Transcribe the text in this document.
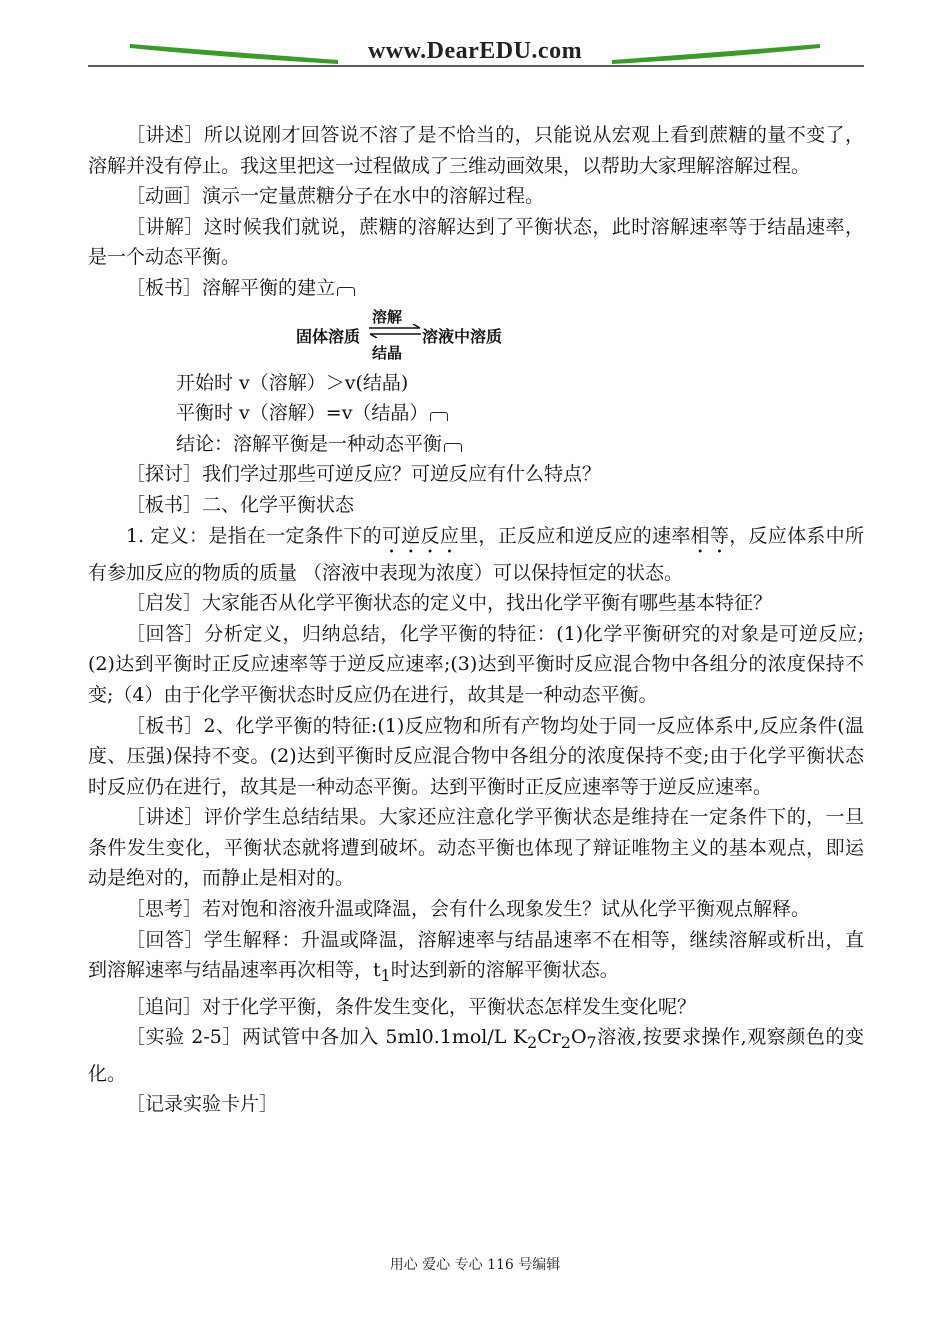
www.DearEDU.com

［讲述］所以说刚才回答说不溶了是不恰当的，只能说从宏观上看到蔗糖的量不变了，溶解并没有停止。我这里把这一过程做成了三维动画效果，以帮助大家理解溶解过程。

［动画］演示一定量蔗糖分子在水中的溶解过程。

［讲解］这时候我们就说，蔗糖的溶解达到了平衡状态，此时溶解速率等于结晶速率，是一个动态平衡。

［板书］溶解平衡的建立

固体溶质
溶解
结晶
溶液中溶质

开始时 v（溶解）＞v(结晶)

平衡时 v（溶解）=v（结晶）

结论：溶解平衡是一种动态平衡

［探讨］我们学过那些可逆反应？可逆反应有什么特点？

［板书］二、化学平衡状态

1. 定义：是指在一定条件下的可逆反应里，正反应和逆反应的速率相等，反应体系中所有参加反应的物质的质量 （溶液中表现为浓度）可以保持恒定的状态。

［启发］大家能否从化学平衡状态的定义中，找出化学平衡有哪些基本特征？

［回答］分析定义，归纳总结，化学平衡的特征：(1)化学平衡研究的对象是可逆反应;(2)达到平衡时正反应速率等于逆反应速率;(3)达到平衡时反应混合物中各组分的浓度保持不变;（4）由于化学平衡状态时反应仍在进行，故其是一种动态平衡。

［板书］2、化学平衡的特征:(1)反应物和所有产物均处于同一反应体系中,反应条件(温度、压强)保持不变。(2)达到平衡时反应混合物中各组分的浓度保持不变;由于化学平衡状态时反应仍在进行，故其是一种动态平衡。达到平衡时正反应速率等于逆反应速率。

［讲述］评价学生总结结果。大家还应注意化学平衡状态是维持在一定条件下的，一旦条件发生变化，平衡状态就将遭到破坏。动态平衡也体现了辩证唯物主义的基本观点，即运动是绝对的，而静止是相对的。

［思考］若对饱和溶液升温或降温，会有什么现象发生？试从化学平衡观点解释。

［回答］学生解释：升温或降温，溶解速率与结晶速率不在相等，继续溶解或析出，直到溶解速率与结晶速率再次相等，$t_1$时达到新的溶解平衡状态。

［追问］对于化学平衡，条件发生变化，平衡状态怎样发生变化呢？

［实验 2-5］两试管中各加入 5ml0.1mol/L $K_2Cr_2O_7$溶液,按要求操作,观察颜色的变化。

［记录实验卡片］

用心 爱心 专心 116 号编辑
